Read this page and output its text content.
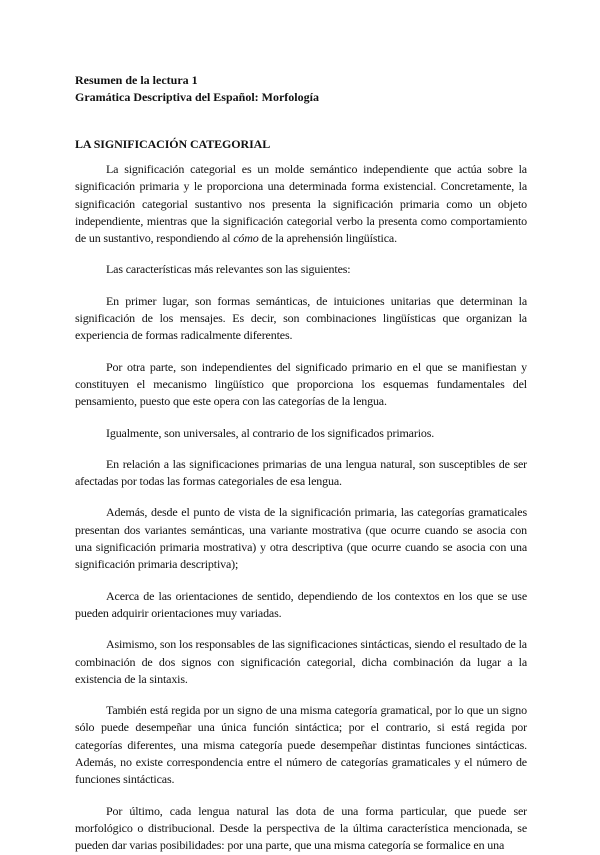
Resumen de la lectura 1
Gramática Descriptiva del Español: Morfología
LA SIGNIFICACIÓN CATEGORIAL

La significación categorial es un molde semántico independiente que actúa sobre la significación primaria y le proporciona una determinada forma existencial. Concretamente, la significación categorial sustantivo nos presenta la significación primaria como un objeto independiente, mientras que la significación categorial verbo la presenta como comportamiento de un sustantivo, respondiendo al cómo de la aprehensión lingüística.

Las características más relevantes son las siguientes:

En primer lugar, son formas semánticas, de intuiciones unitarias que determinan la significación de los mensajes. Es decir, son combinaciones lingüísticas que organizan la experiencia de formas radicalmente diferentes.

Por otra parte, son independientes del significado primario en el que se manifiestan y constituyen el mecanismo lingüístico que proporciona los esquemas fundamentales del pensamiento, puesto que este opera con las categorías de la lengua.

Igualmente, son universales, al contrario de los significados primarios.

En relación a las significaciones primarias de una lengua natural, son susceptibles de ser afectadas por todas las formas categoriales de esa lengua.

Además, desde el punto de vista de la significación primaria, las categorías gramaticales presentan dos variantes semánticas, una variante mostrativa (que ocurre cuando se asocia con una significación primaria mostrativa) y otra descriptiva (que ocurre cuando se asocia con una significación primaria descriptiva);

Acerca de las orientaciones de sentido, dependiendo de los contextos en los que se use pueden adquirir orientaciones muy variadas.

Asimismo, son los responsables de las significaciones sintácticas, siendo el resultado de la combinación de dos signos con significación categorial, dicha combinación da lugar a la existencia de la sintaxis.

También está regida por un signo de una misma categoría gramatical, por lo que un signo sólo puede desempeñar una única función sintáctica; por el contrario, si está regida por categorías diferentes, una misma categoría puede desempeñar distintas funciones sintácticas. Además, no existe correspondencia entre el número de categorías gramaticales y el número de funciones sintácticas.

Por último, cada lengua natural las dota de una forma particular, que puede ser morfológico o distribucional. Desde la perspectiva de la última característica mencionada, se pueden dar varias posibilidades: por una parte, que una misma categoría se formalice en una
